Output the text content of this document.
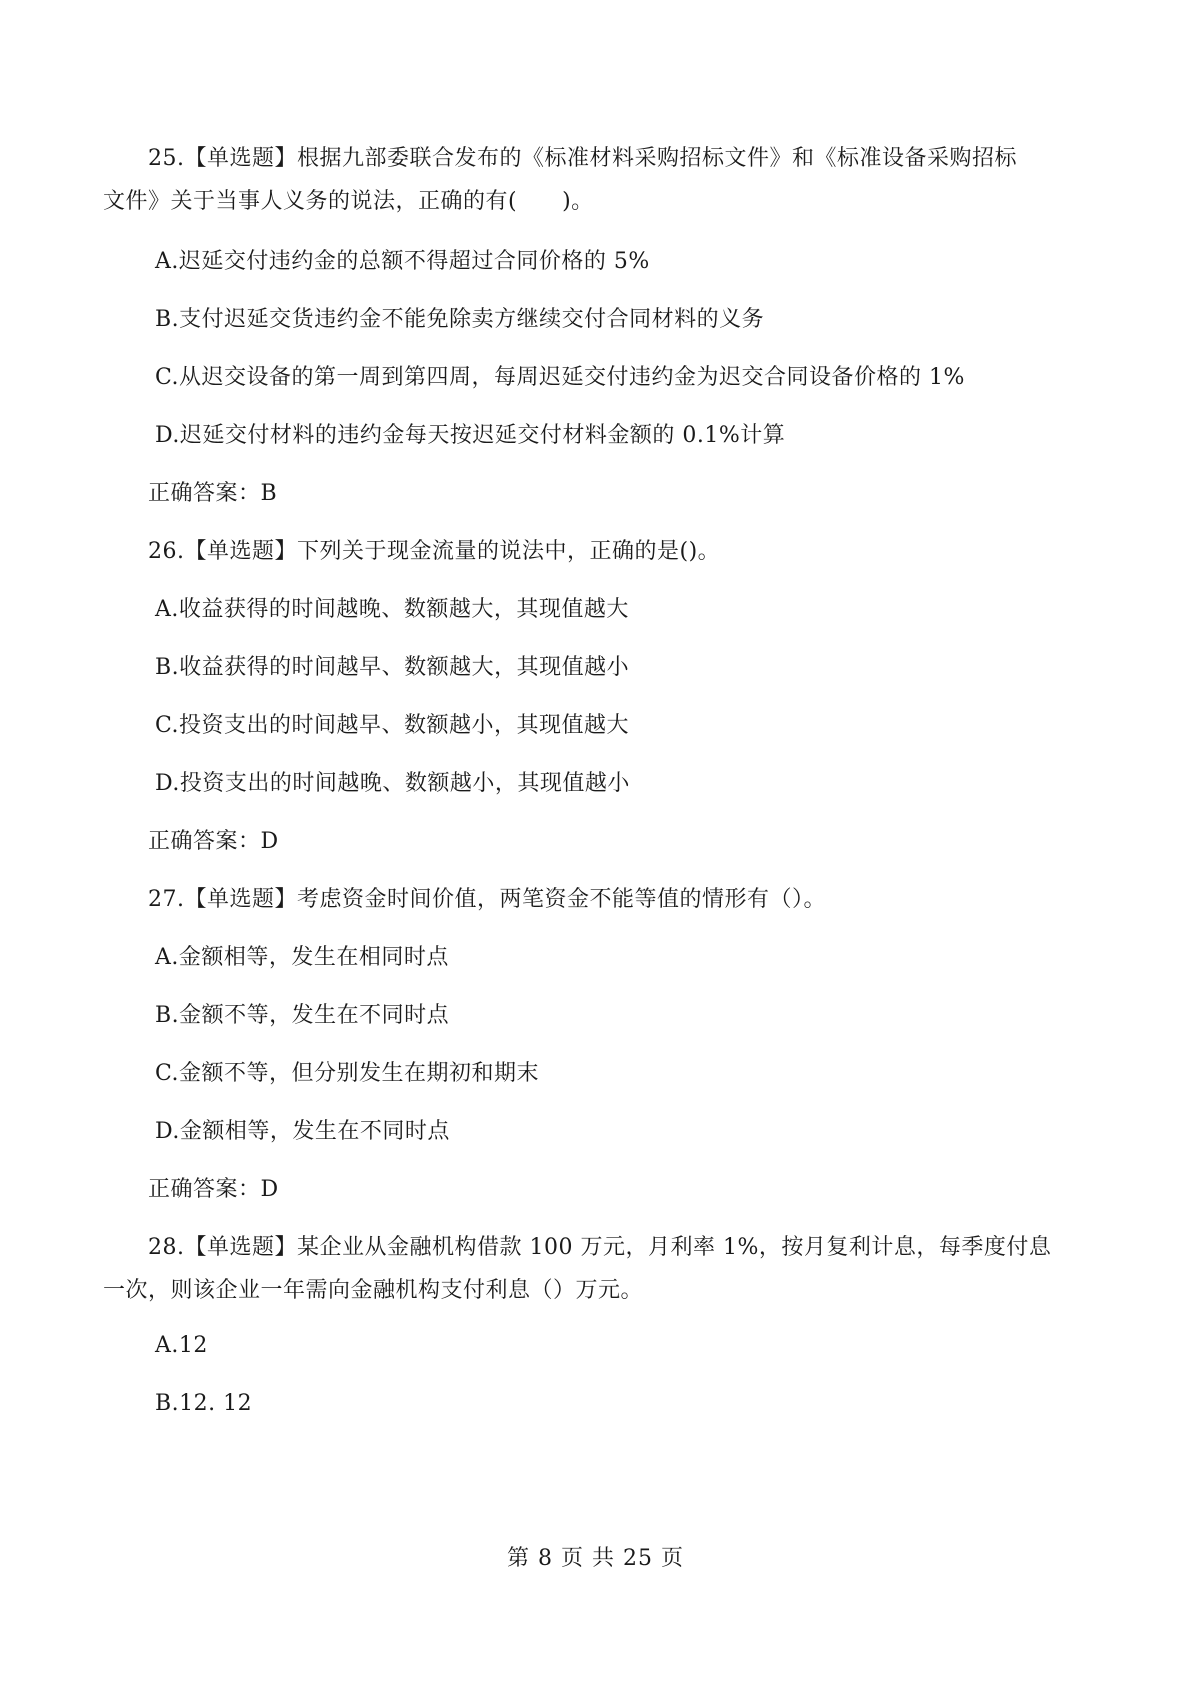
25.【单选题】根据九部委联合发布的《标准材料采购招标文件》和《标准设备采购招标
文件》关于当事人义务的说法，正确的有(　　)。
A.迟延交付违约金的总额不得超过合同价格的 5%
B.支付迟延交货违约金不能免除卖方继续交付合同材料的义务
C.从迟交设备的第一周到第四周，每周迟延交付违约金为迟交合同设备价格的 1%
D.迟延交付材料的违约金每天按迟延交付材料金额的 0.1%计算
正确答案：B
26.【单选题】下列关于现金流量的说法中，正确的是()。
A.收益获得的时间越晚、数额越大，其现值越大
B.收益获得的时间越早、数额越大，其现值越小
C.投资支出的时间越早、数额越小，其现值越大
D.投资支出的时间越晚、数额越小，其现值越小
正确答案：D
27.【单选题】考虑资金时间价值，两笔资金不能等值的情形有（）。
A.金额相等，发生在相同时点
B.金额不等，发生在不同时点
C.金额不等，但分别发生在期初和期末
D.金额相等，发生在不同时点
正确答案：D
28.【单选题】某企业从金融机构借款 100 万元，月利率 1%，按月复利计息，每季度付息
一次，则该企业一年需向金融机构支付利息（）万元。
A.12
B.12. 12
第 8 页 共 25 页
